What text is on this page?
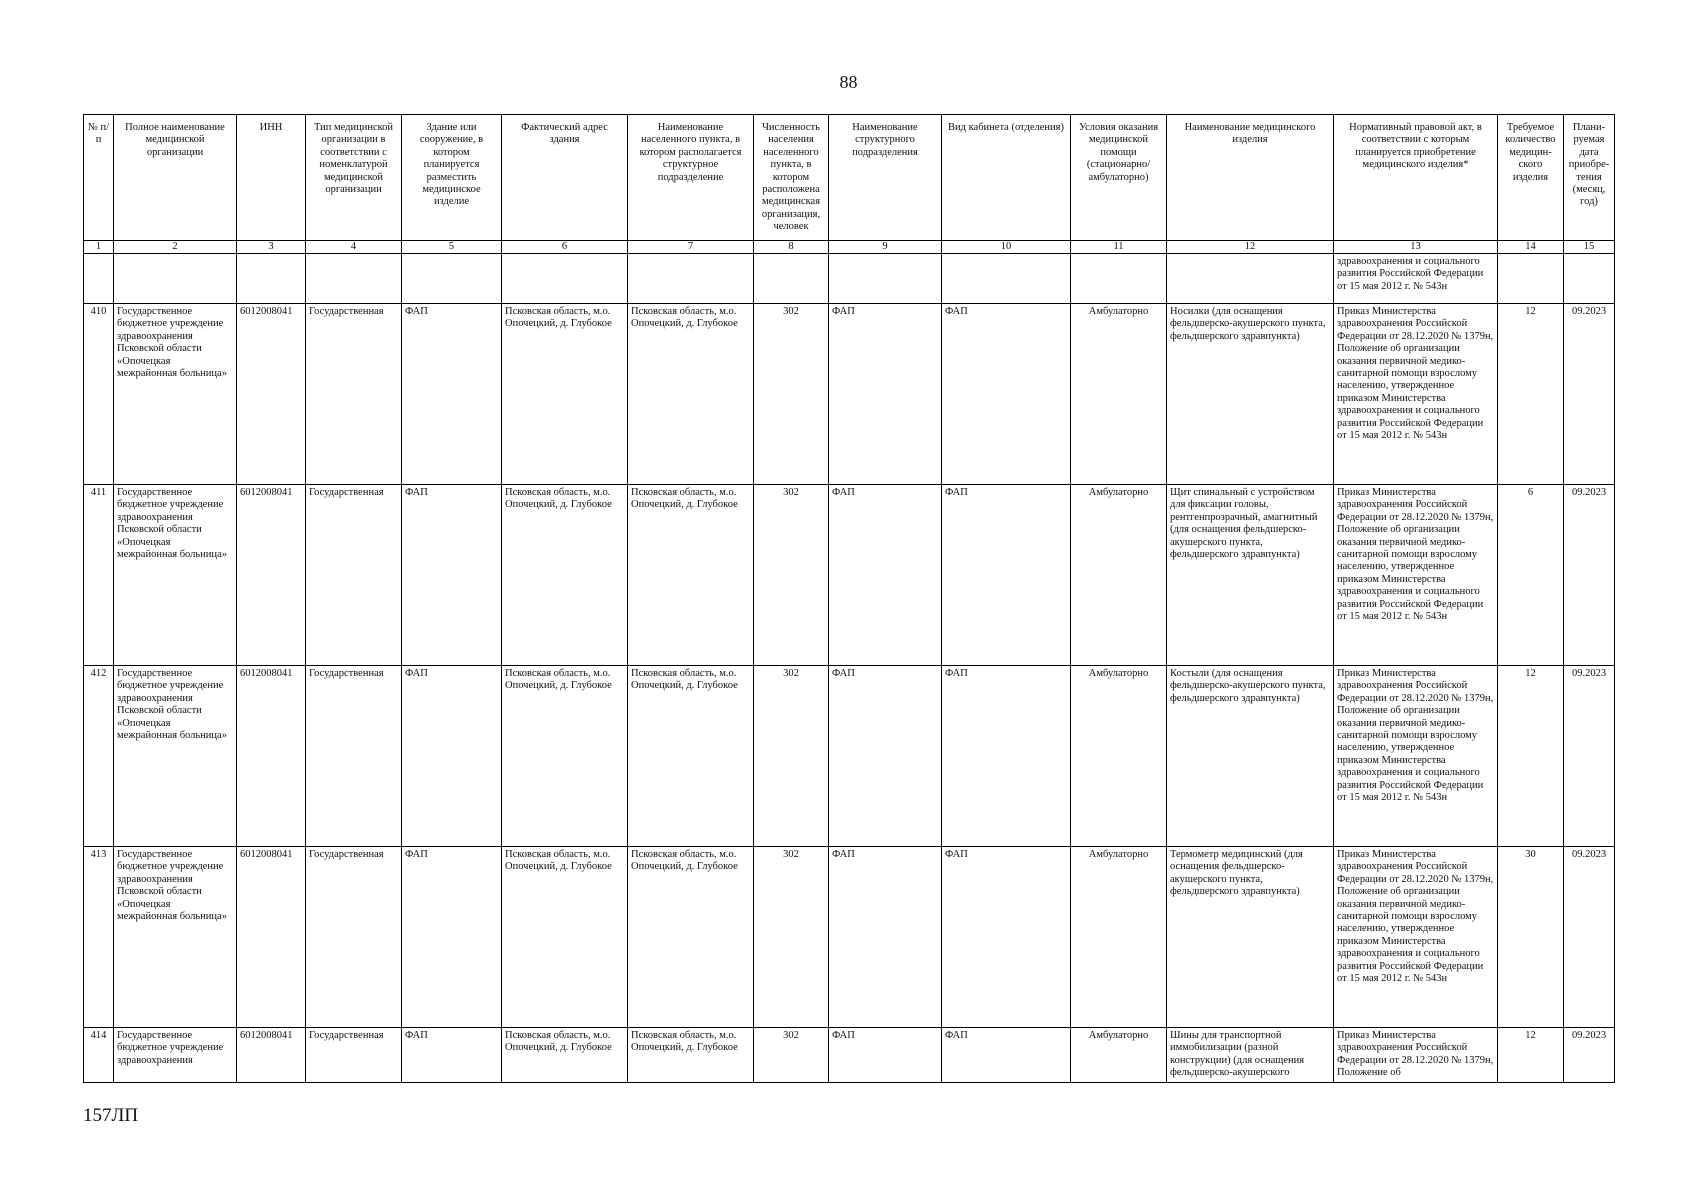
88
№ п/п	Полное наименование медицинской организации	ИНН	Тип медицинской организации в соответствии с номенклатурой медицинской организации	Здание или сооружение, в котором планируется разместить медицинское изделие	Фактический адрес здания	Наименование населенного пункта, в котором располагается структурное подразделение	Численность населения населенного пункта, в котором расположена медицинская организация, человек	Наименование структурного подразделения	Вид кабинета (отделения)	Условия оказания медицинской помощи (стационарно/ амбулаторно)	Наименование медицинского изделия	Нормативный правовой акт, в соответствии с которым планируется приобретение медицинского изделия*	Требуемое количество медицин-ского изделия	Плани-руемая дата приобре-тения (месяц, год)
1	2	3	4	5	6	7	8	9	10	11	12	13	14	15
												здравоохранения и социального развития Российской Федерации от 15 мая 2012 г. № 543н		
410	Государственное бюджетное учреждение здравоохранения Псковской области «Опочецкая межрайонная больница»	6012008041	Государственная	ФАП	Псковская область, м.о. Опочецкий, д. Глубокое	Псковская область, м.о. Опочецкий, д. Глубокое	302	ФАП	ФАП	Амбулаторно	Носилки (для оснащения фельдшерско-акушерского пункта, фельдшерского здравпункта)	Приказ Министерства здравоохранения Российской Федерации от 28.12.2020 № 1379н, Положение об организации оказания первичной медико-санитарной помощи взрослому населению, утвержденное приказом Министерства здравоохранения и социального развития Российской Федерации от 15 мая 2012 г. № 543н	12	09.2023
411	Государственное бюджетное учреждение здравоохранения Псковской области «Опочецкая межрайонная больница»	6012008041	Государственная	ФАП	Псковская область, м.о. Опочецкий, д. Глубокое	Псковская область, м.о. Опочецкий, д. Глубокое	302	ФАП	ФАП	Амбулаторно	Щит спинальный с устройством для фиксации головы, рентгенпрозрачный, амагнитный (для оснащения фельдшерско-акушерского пункта, фельдшерского здравпункта)	Приказ Министерства здравоохранения Российской Федерации от 28.12.2020 № 1379н, Положение об организации оказания первичной медико-санитарной помощи взрослому населению, утвержденное приказом Министерства здравоохранения и социального развития Российской Федерации от 15 мая 2012 г. № 543н	6	09.2023
412	Государственное бюджетное учреждение здравоохранения Псковской области «Опочецкая межрайонная больница»	6012008041	Государственная	ФАП	Псковская область, м.о. Опочецкий, д. Глубокое	Псковская область, м.о. Опочецкий, д. Глубокое	302	ФАП	ФАП	Амбулаторно	Костыли (для оснащения фельдшерско-акушерского пункта, фельдшерского здравпункта)	Приказ Министерства здравоохранения Российской Федерации от 28.12.2020 № 1379н, Положение об организации оказания первичной медико-санитарной помощи взрослому населению, утвержденное приказом Министерства здравоохранения и социального развития Российской Федерации от 15 мая 2012 г. № 543н	12	09.2023
413	Государственное бюджетное учреждение здравоохранения Псковской области «Опочецкая межрайонная больница»	6012008041	Государственная	ФАП	Псковская область, м.о. Опочецкий, д. Глубокое	Псковская область, м.о. Опочецкий, д. Глубокое	302	ФАП	ФАП	Амбулаторно	Термометр медицинский (для оснащения фельдшерско-акушерского пункта, фельдшерского здравпункта)	Приказ Министерства здравоохранения Российской Федерации от 28.12.2020 № 1379н, Положение об организации оказания первичной медико-санитарной помощи взрослому населению, утвержденное приказом Министерства здравоохранения и социального развития Российской Федерации от 15 мая 2012 г. № 543н	30	09.2023
414	Государственное бюджетное учреждение здравоохранения	6012008041	Государственная	ФАП	Псковская область, м.о. Опочецкий, д. Глубокое	Псковская область, м.о. Опочецкий, д. Глубокое	302	ФАП	ФАП	Амбулаторно	Шины для транспортной иммобилизации (разной конструкции) (для оснащения фельдшерско-акушерского	Приказ Министерства здравоохранения Российской Федерации от 28.12.2020 № 1379н, Положение об	12	09.2023
157ЛП
